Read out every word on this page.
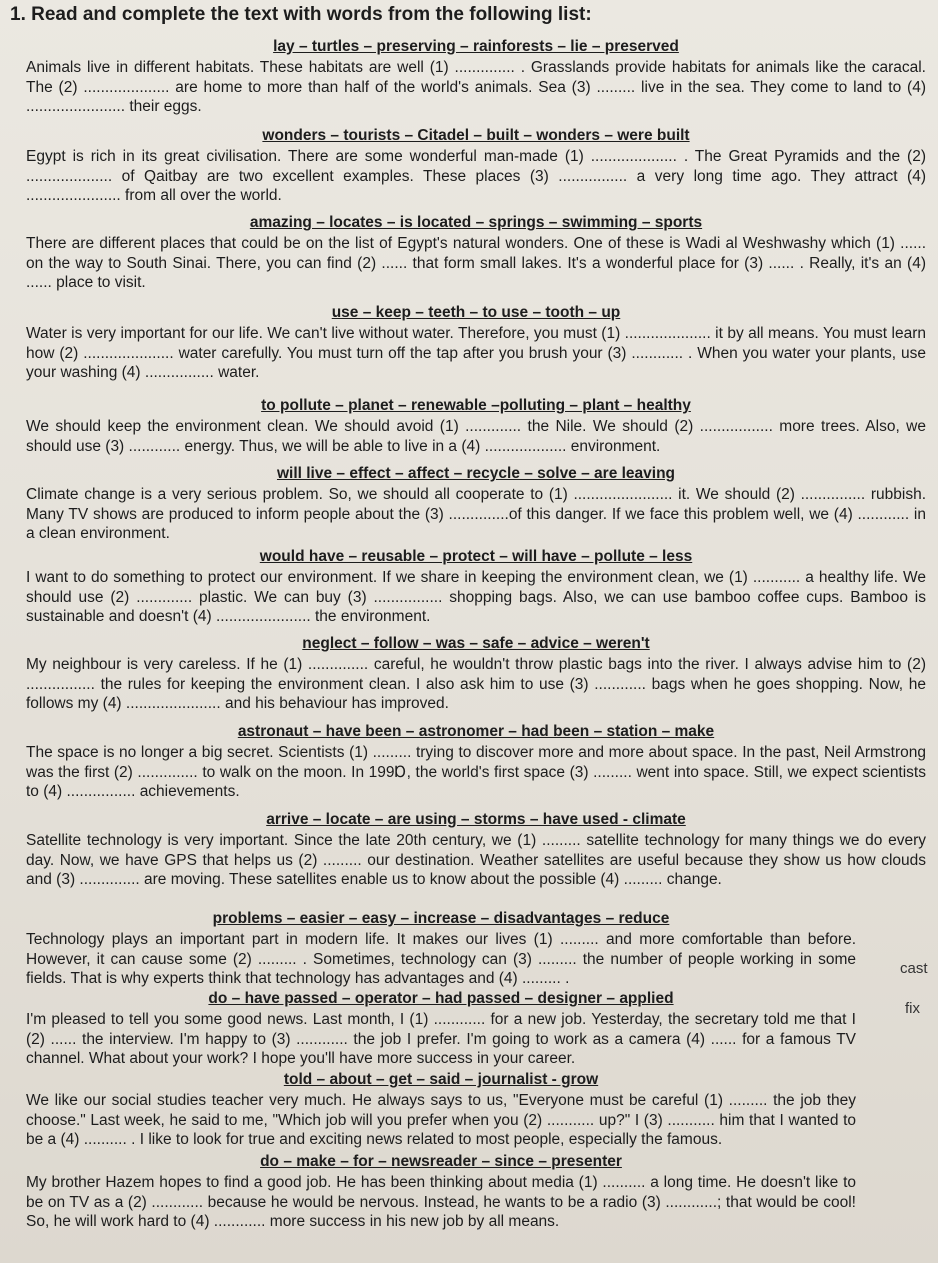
1. Read and complete the text with words from the following list:
lay – turtles – preserving – rainforests – lie – preserved

Animals live in different habitats. These habitats are well (1) .............. . Grasslands provide habitats for animals like the caracal. The (2) .................... are home to more than half of the world's animals. Sea (3) ......... live in the sea. They come to land to (4) ....................... their eggs.

wonders – tourists – Citadel – built – wonders – were built

Egypt is rich in its great civilisation. There are some wonderful man-made (1) .................... . The Great Pyramids and the (2) .................... of Qaitbay are two excellent examples. These places (3) ................ a very long time ago. They attract (4) ...................... from all over the world.

amazing – locates – is located – springs – swimming – sports

There are different places that could be on the list of Egypt's natural wonders. One of these is Wadi al Weshwashy which (1) ...... on the way to South Sinai. There, you can find (2) ...... that form small lakes. It's a wonderful place for (3) ...... . Really, it's an (4) ...... place to visit.

use – keep – teeth – to use – tooth – up

Water is very important for our life. We can't live without water. Therefore, you must (1) .................... it by all means. You must learn how (2) ..................... water carefully. You must turn off the tap after you brush your (3) ............ . When you water your plants, use your washing (4) ................ water.

to pollute – planet – renewable –polluting – plant – healthy

We should keep the environment clean. We should avoid (1) ............. the Nile. We should (2) ................. more trees. Also, we should use (3) ............ energy. Thus, we will be able to live in a (4) ................... environment.

will live – effect – affect – recycle – solve – are leaving

Climate change is a very serious problem. So, we should all cooperate to (1) ....................... it. We should (2) ............... rubbish. Many TV shows are produced to inform people about the (3) ..............of this danger. If we face this problem well, we (4) ............ in a clean environment.

would have – reusable – protect – will have – pollute – less

I want to do something to protect our environment. If we share in keeping the environment clean, we (1) ........... a healthy life. We should use (2) ............. plastic. We can buy (3) ................ shopping bags. Also, we can use bamboo coffee cups. Bamboo is sustainable and doesn't (4) ...................... the environment.

neglect – follow – was – safe – advice – weren't

My neighbour is very careless. If he (1) .............. careful, he wouldn't throw plastic bags into the river. I always advise him to (2) ................ the rules for keeping the environment clean. I also ask him to use (3) ............ bags when he goes shopping. Now, he follows my (4) ...................... and his behaviour has improved.

astronaut – have been – astronomer – had been – station – make

The space is no longer a big secret. Scientists (1) ......... trying to discover more and more about space. In the past, Neil Armstrong was the first (2) .............. to walk on the moon. In 199Ɒ, the world's first space (3) ......... went into space. Still, we expect scientists to (4) ................ achievements.

arrive – locate – are using – storms – have used - climate

Satellite technology is very important. Since the late 20th century, we (1) ......... satellite technology for many things we do every day. Now, we have GPS that helps us (2) ......... our destination. Weather satellites are useful because they show us how clouds and (3) .............. are moving. These satellites enable us to know about the possible (4) ......... change.

problems – easier – easy – increase – disadvantages – reduce

Technology plays an important part in modern life. It makes our lives (1) ......... and more comfortable than before. However, it can cause some (2) ......... . Sometimes, technology can (3) ......... the number of people working in some fields. That is why experts think that technology has advantages and (4) ......... .

do – have passed – operator – had passed – designer – applied

I'm pleased to tell you some good news. Last month, I (1) ............ for a new job. Yesterday, the secretary told me that I (2) ...... the interview. I'm happy to (3) ............ the job I prefer. I'm going to work as a camera (4) ...... for a famous TV channel. What about your work? I hope you'll have more success in your career.

told – about – get – said – journalist - grow

We like our social studies teacher very much. He always says to us, "Everyone must be careful (1) ......... the job they choose." Last week, he said to me, "Which job will you prefer when you (2) ........... up?" I (3) ........... him that I wanted to be a (4) .......... . I like to look for true and exciting news related to most people, especially the famous.

do – make – for – newsreader – since – presenter

My brother Hazem hopes to find a good job. He has been thinking about media (1) .......... a long time. He doesn't like to be on TV as a (2) ............ because he would be nervous. Instead, he wants to be a radio (3) ............; that would be cool! So, he will work hard to (4) ............ more success in his new job by all means.

cast
fix
